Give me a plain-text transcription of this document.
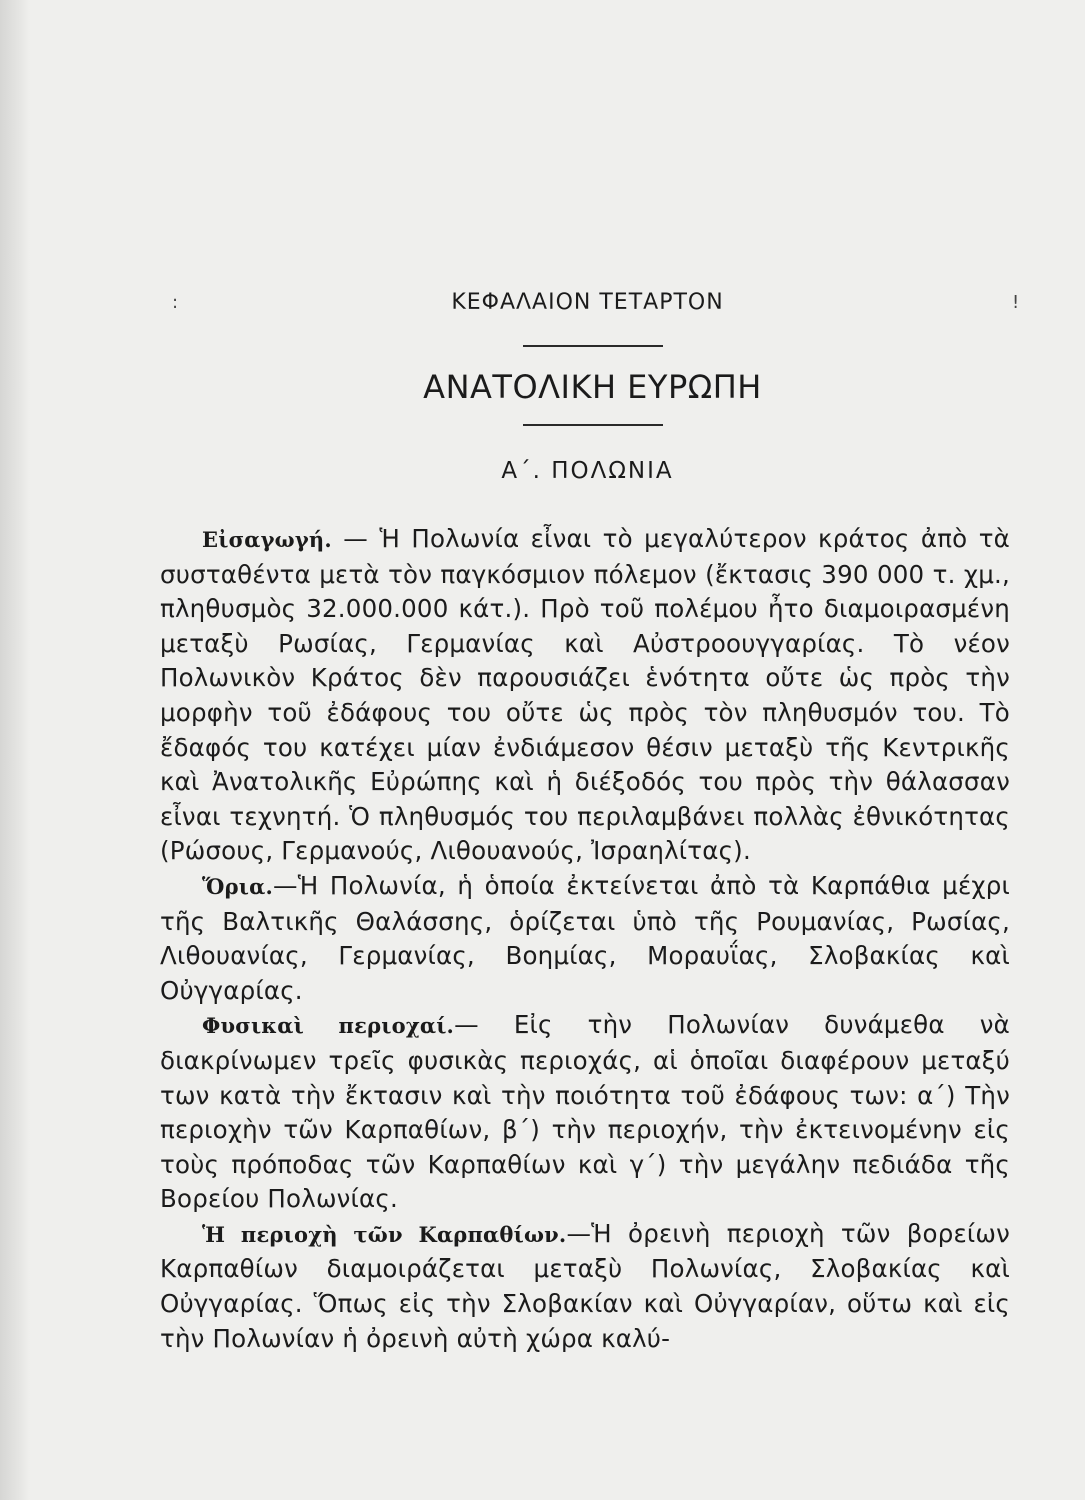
:	!
ΚΕΦΑΛΑΙΟΝ ΤΕΤΑΡΤΟΝ
ΑΝΑΤΟΛΙΚΗ ΕΥΡΩΠΗ
Α΄. ΠΟΛΩΝΙΑ

Εἰσαγωγή. — Ἡ Πολωνία εἶναι τὸ μεγαλύτερον κράτος ἀπὸ τὰ συσταθέντα μετὰ τὸν παγκόσμιον πόλεμον (ἔκτασις 390 000 τ. χμ., πληθυσμὸς 32.000.000 κάτ.). Πρὸ τοῦ πολέμου ἦτο διαμοιρασμένη μεταξὺ Ρωσίας, Γερμανίας καὶ Αὐστροουγγαρίας. Τὸ νέον Πολωνικὸν Κράτος δὲν παρουσιάζει ἑνότητα οὔτε ὡς πρὸς τὴν μορφὴν τοῦ ἐδάφους του οὔτε ὡς πρὸς τὸν πληθυσμόν του. Τὸ ἔδαφός του κατέχει μίαν ἐνδιάμεσον θέσιν μεταξὺ τῆς Κεντρικῆς καὶ Ἀνατολικῆς Εὐρώπης καὶ ἡ διέξοδός του πρὸς τὴν θάλασσαν εἶναι τεχνητή. Ὁ πληθυσμός του περιλαμβάνει πολλὰς ἐθνικότητας (Ρώσους, Γερμανούς, Λιθουανούς, Ἰσραηλίτας).

Ὅρια.—Ἡ Πολωνία, ἡ ὁποία ἐκτείνεται ἀπὸ τὰ Καρπάθια μέχρι τῆς Βαλτικῆς Θαλάσσης, ὁρίζεται ὑπὸ τῆς Ρουμανίας, Ρωσίας, Λιθουανίας, Γερμανίας, Βοημίας, Μοραυΐας, Σλοβακίας καὶ Οὐγγαρίας.

Φυσικαὶ περιοχαί.— Εἰς τὴν Πολωνίαν δυνάμεθα νὰ διακρίνωμεν τρεῖς φυσικὰς περιοχάς, αἱ ὁποῖαι διαφέρουν μεταξύ των κατὰ τὴν ἔκτασιν καὶ τὴν ποιότητα τοῦ ἐδάφους των: α΄) Τὴν περιοχὴν τῶν Καρπαθίων, β΄) τὴν περιοχήν, τὴν ἐκτεινομένην εἰς τοὺς πρόποδας τῶν Καρπαθίων καὶ γ΄) τὴν μεγάλην πεδιάδα τῆς Βορείου Πολωνίας.

Ἡ περιοχὴ τῶν Καρπαθίων.—Ἡ ὀρεινὴ περιοχὴ τῶν βορείων Καρπαθίων διαμοιράζεται μεταξὺ Πολωνίας, Σλοβακίας καὶ Οὐγγαρίας. Ὅπως εἰς τὴν Σλοβακίαν καὶ Οὐγγαρίαν, οὕτω καὶ εἰς τὴν Πολωνίαν ἡ ὀρεινὴ αὐτὴ χώρα καλύ-
